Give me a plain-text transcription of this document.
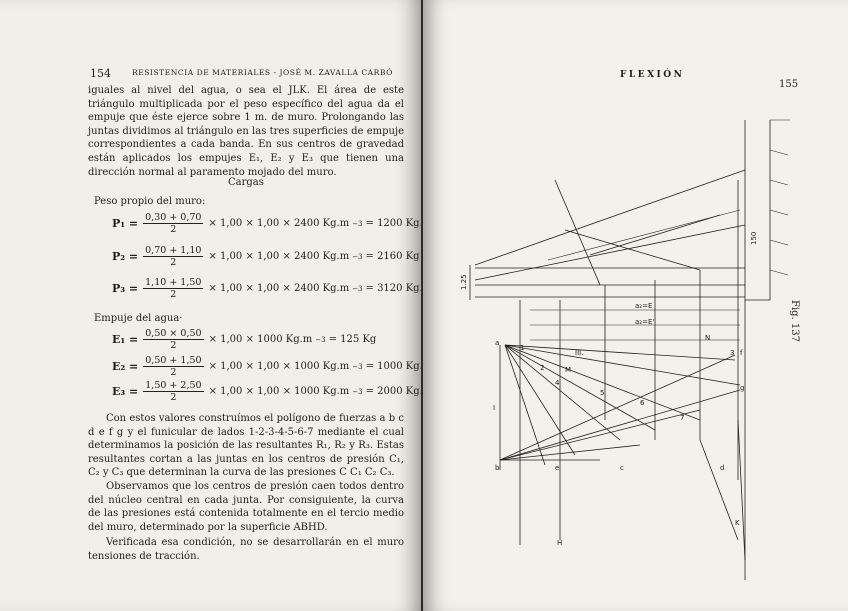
154	RESISTENCIA DE MATERIALES - JOSÉ M. ZAVALLA CARBÓ

iguales al nivel del agua, o sea el JLK. El área de este triángulo multiplicada por el peso específico del agua da el empuje que éste ejerce sobre 1 m. de muro. Prolongando las juntas dividimos al triángulo en las tres superficies de empuje correspondientes a cada banda. En sus centros de gravedad están aplicados los empujes E₁, E₂ y E₃ que tienen una dirección normal al paramento mojado del muro.

Cargas
Peso propio del muro:
$P_1 = \frac{0,30 + 0,70}{2} \times 1,00 \times 1,00 \times 2400$ Kg.m −3 = 1200 Kg.
$P_2 = \frac{0,70 + 1,10}{2} \times 1,00 \times 1,00 \times 2400$ Kg.m −3 = 2160 Kg
$P_3 = \frac{1,10 + 1,50}{2} \times 1,00 \times 1,00 \times 2400$ Kg.m −3 = 3120 Kg.
Empuje del agua·
$E_1 = \frac{0,50 \times 0,50}{2} \times 1,00 \times 1000$ Kg.m −3 = 125 Kg
$E_2 = \frac{0,50 + 1,50}{2} \times 1,00 \times 1,00 \times 1000$ Kg.m −3 = 1000 Kg.
$E_3 = \frac{1,50 + 2,50}{2} \times 1,00 \times 1,00 \times 1000$ Kg.m −3 = 2000 Kg.

Con estos valores construímos el polígono de fuerzas a b c d e f g y el funicular de lados 1-2-3-4-5-6-7 mediante el cual determinamos la posición de las resultantes R₁, R₂ y R₃. Estas resultantes cortan a las juntas en los centros de presión C₁, C₂ y C₃ que determinan la curva de las presiones C C₁ C₂ C₃.

Observamos que los centros de presión caen todos dentro del núcleo central en cada junta. Por consiguiente, la curva de las presiones está contenida totalmente en el tercio medio del muro, determinado por la superficie ABHD.

Verificada esa condición, no se desarrollarán en el muro tensiones de tracción.

FLEXIÓN
155
Fig. 137
a
b	c	d
e
f
g
K
H
I
1
2
3
4
5
6
7
III.
M
N
a₂=E
a₂=E'
150
1.25
